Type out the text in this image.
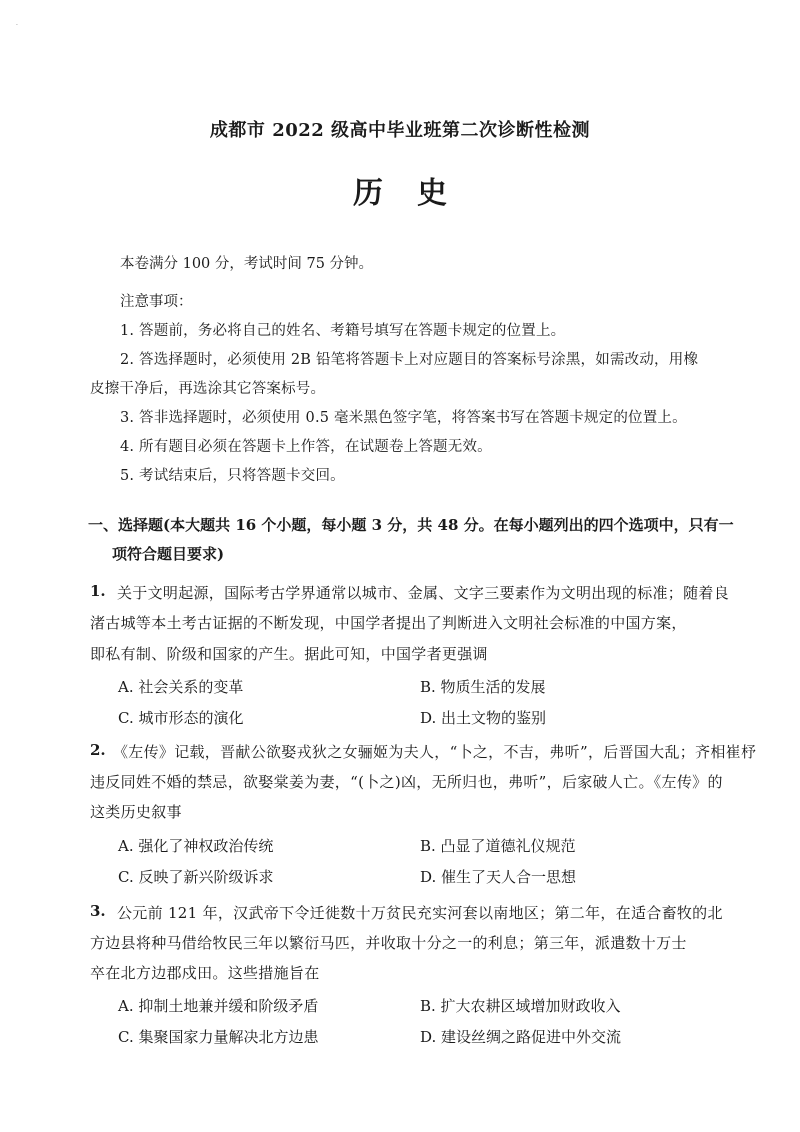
·
成都市 2022 级高中毕业班第二次诊断性检测
历史
本卷满分 100 分，考试时间 75 分钟。
注意事项：
1. 答题前，务必将自己的姓名、考籍号填写在答题卡规定的位置上。
2. 答选择题时，必须使用 2B 铅笔将答题卡上对应题目的答案标号涂黑，如需改动，用橡
皮擦干净后，再选涂其它答案标号。
3. 答非选择题时，必须使用 0.5 毫米黑色签字笔，将答案书写在答题卡规定的位置上。
4. 所有题目必须在答题卡上作答，在试题卷上答题无效。
5. 考试结束后，只将答题卡交回。
一、选择题(本大题共 16 个小题，每小题 3 分，共 48 分。在每小题列出的四个选项中，只有一
项符合题目要求)
1. 关于文明起源，国际考古学界通常以城市、金属、文字三要素作为文明出现的标准；随着良
渚古城等本土考古证据的不断发现，中国学者提出了判断进入文明社会标准的中国方案，
即私有制、阶级和国家的产生。据此可知，中国学者更强调
A. 社会关系的变革	B. 物质生活的发展
C. 城市形态的演化	D. 出土文物的鉴别
2. 《左传》记载，晋献公欲娶戎狄之女骊姬为夫人，“卜之，不吉，弗听”，后晋国大乱；齐相崔杼
违反同姓不婚的禁忌，欲娶棠姜为妻，“(卜之)凶，无所归也，弗听”，后家破人亡。《左传》的
这类历史叙事
A. 强化了神权政治传统	B. 凸显了道德礼仪规范
C. 反映了新兴阶级诉求	D. 催生了天人合一思想
3. 公元前 121 年，汉武帝下令迁徙数十万贫民充实河套以南地区；第二年，在适合畜牧的北
方边县将种马借给牧民三年以繁衍马匹，并收取十分之一的利息；第三年，派遣数十万士
卒在北方边郡戍田。这些措施旨在
A. 抑制土地兼并缓和阶级矛盾	B. 扩大农耕区域增加财政收入
C. 集聚国家力量解决北方边患	D. 建设丝绸之路促进中外交流
